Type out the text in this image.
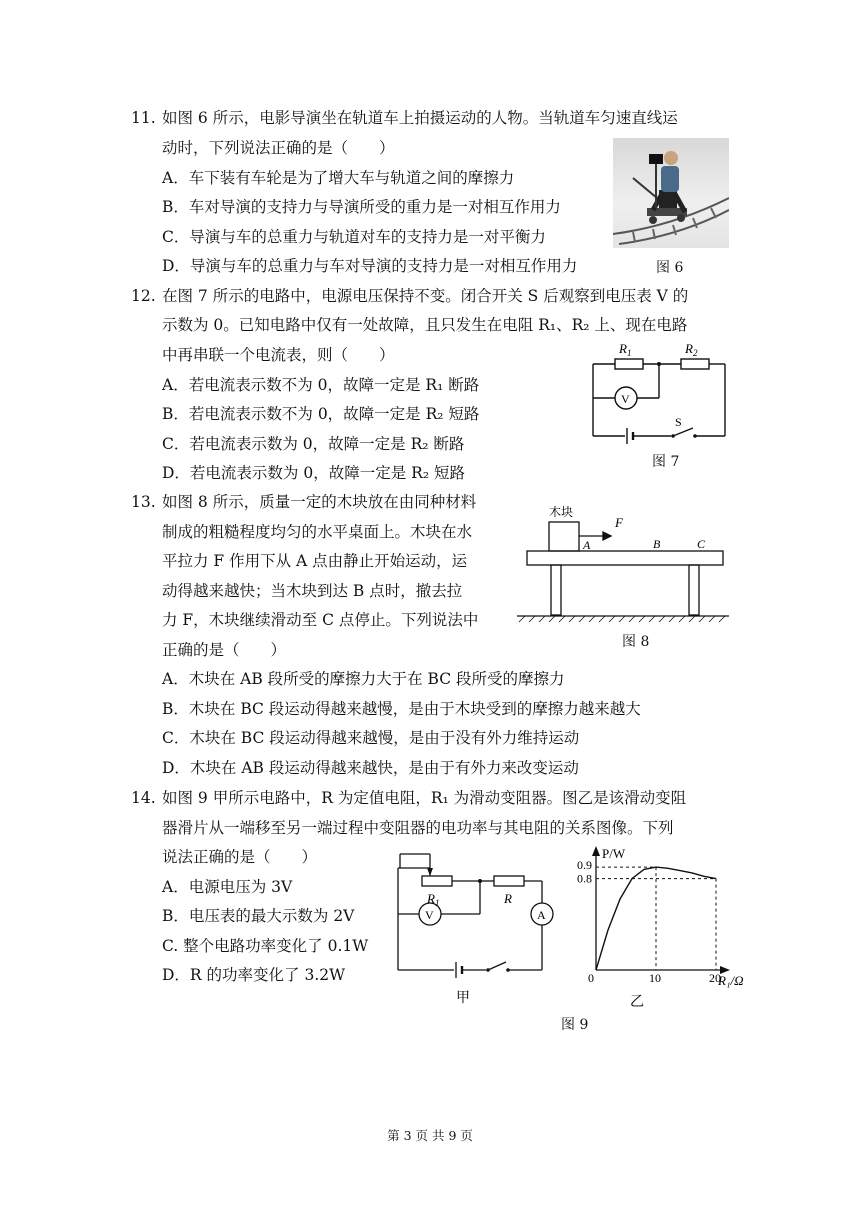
11. 如图 6 所示，电影导演坐在轨道车上拍摄运动的人物。当轨道车匀速直线运
动时，下列说法正确的是（　　）
A．车下装有车轮是为了增大车与轨道之间的摩擦力
B．车对导演的支持力与导演所受的重力是一对相互作用力
C．导演与车的总重力与轨道对车的支持力是一对平衡力
D．导演与车的总重力与车对导演的支持力是一对相互作用力	图 6
12. 在图 7 所示的电路中，电源电压保持不变。闭合开关 S 后观察到电压表 V 的
示数为 0。已知电路中仅有一处故障，且只发生在电阻 R₁、R₂ 上、现在电路
中再串联一个电流表，则（　　）
A．若电流表示数不为 0，故障一定是 R₁ 断路
B．若电流表示数不为 0，故障一定是 R₂ 短路
C．若电流表示数为 0，故障一定是 R₂ 断路
D．若电流表示数为 0，故障一定是 R₂ 短路
$R_1$	$R_2$
V
S
图 7
13. 如图 8 所示，质量一定的木块放在由同种材料
制成的粗糙程度均匀的水平桌面上。木块在水
平拉力 F 作用下从 A 点由静止开始运动，运
动得越来越快；当木块到达 B 点时，撤去拉
力 F，木块继续滑动至 C 点停止。下列说法中
正确的是（　　）
A．木块在 AB 段所受的摩擦力大于在 BC 段所受的摩擦力
B．木块在 BC 段运动得越来越慢，是由于木块受到的摩擦力越来越大
C．木块在 BC 段运动得越来越慢，是由于没有外力维持运动
D．木块在 AB 段运动得越来越快，是由于有外力来改变运动
木块
F
A	B	C
图 8
14. 如图 9 甲所示电路中，R 为定值电阻，R₁ 为滑动变阻器。图乙是该滑动变阻
器滑片从一端移至另一端过程中变阻器的电功率与其电阻的关系图像。下列
说法正确的是（　　）
A．电源电压为 3V
B．电压表的最大示数为 2V
C. 整个电路功率变化了 0.1W
D．R 的功率变化了 3.2W
$R_1$	R
V	A
甲
P/W
R₁/Ω
0	10	20
0.8
0.9
乙
图 9
第 3 页 共 9 页
